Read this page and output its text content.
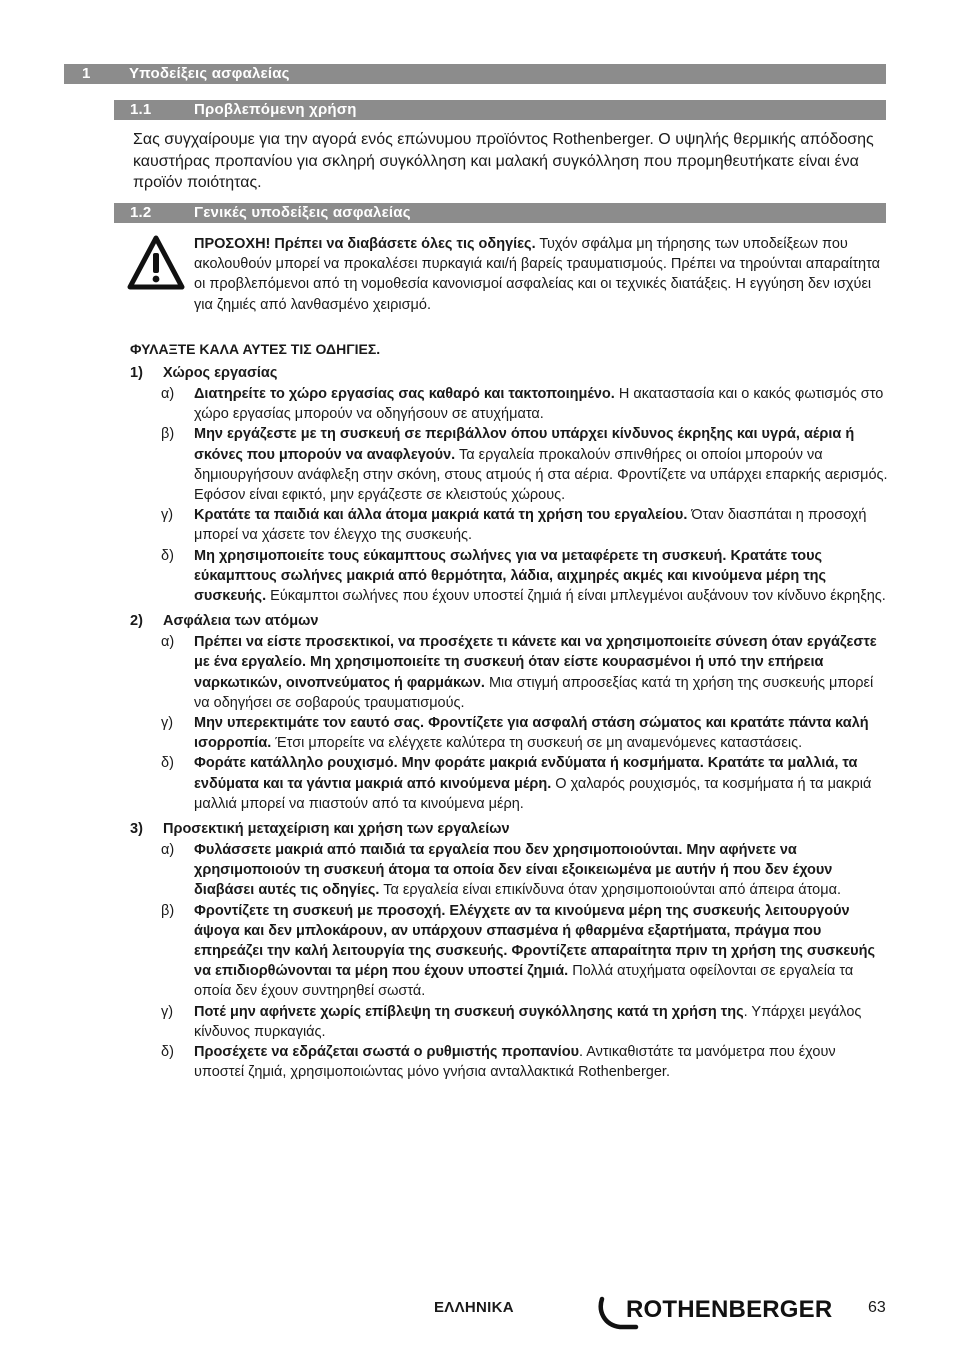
1	Υποδείξεις ασφαλείας
1.1	Προβλεπόμενη χρήση

Σας συγχαίρουμε για την αγορά ενός επώνυμου προϊόντος Rothenberger. Ο υψηλής θερμικής απόδοσης καυστήρας προπανίου για σκληρή συγκόλληση και μαλακή συγκόλληση που προμηθευτήκατε είναι ένα προϊόν ποιότητας.

1.2	Γενικές υποδείξεις ασφαλείας

ΠΡΟΣΟΧΗ! Πρέπει να διαβάσετε όλες τις οδηγίες. Τυχόν σφάλμα μη τήρησης των υποδείξεων που ακολουθούν μπορεί να προκαλέσει πυρκαγιά και/ή βαρείς τραυματισμούς. Πρέπει να τηρούνται απαραίτητα οι προβλεπόμενοι από τη νομοθεσία κανονισμοί ασφαλείας και οι τεχνικές διατάξεις. Η εγγύηση δεν ισχύει για ζημιές από λανθασμένο χειρισμό.

ΦΥΛΑΞΤΕ ΚΑΛΑ ΑΥΤΕΣ ΤΙΣ ΟΔΗΓΙΕΣ.

1)	Χώρος εργασίας
α)	Διατηρείτε το χώρο εργασίας σας καθαρό και τακτοποιημένο. Η ακαταστασία και ο κακός φωτισμός στο χώρο εργασίας μπορούν να οδηγήσουν σε ατυχήματα.
β)	Μην εργάζεστε με τη συσκευή σε περιβάλλον όπου υπάρχει κίνδυνος έκρηξης και υγρά, αέρια ή σκόνες που μπορούν να αναφλεγούν. Τα εργαλεία προκαλούν σπινθήρες οι οποίοι μπορούν να δημιουργήσουν ανάφλεξη στην σκόνη, στους ατμούς ή στα αέρια. Φροντίζετε να υπάρχει επαρκής αερισμός. Εφόσον είναι εφικτό, μην εργάζεστε σε κλειστούς χώρους.
γ)	Κρατάτε τα παιδιά και άλλα άτομα μακριά κατά τη χρήση του εργαλείου. Όταν διασπάται η προσοχή μπορεί να χάσετε τον έλεγχο της συσκευής.
δ)	Μη χρησιμοποιείτε τους εύκαμπτους σωλήνες για να μεταφέρετε τη συσκευή. Κρατάτε τους εύκαμπτους σωλήνες μακριά από θερμότητα, λάδια, αιχμηρές ακμές και κινούμενα μέρη της συσκευής. Εύκαμπτοι σωλήνες που έχουν υποστεί ζημιά ή είναι μπλεγμένοι αυξάνουν τον κίνδυνο έκρηξης.
2)	Ασφάλεια των ατόμων
α)	Πρέπει να είστε προσεκτικοί, να προσέχετε τι κάνετε και να χρησιμοποιείτε σύνεση όταν εργάζεστε με ένα εργαλείο. Μη χρησιμοποιείτε τη συσκευή όταν είστε κουρασμένοι ή υπό την επήρεια ναρκωτικών, οινοπνεύματος ή φαρμάκων. Μια στιγμή απροσεξίας κατά τη χρήση της συσκευής μπορεί να οδηγήσει σε σοβαρούς τραυματισμούς.
γ)	Μην υπερεκτιμάτε τον εαυτό σας. Φροντίζετε για ασφαλή στάση σώματος και κρατάτε πάντα καλή ισορροπία. Έτσι μπορείτε να ελέγχετε καλύτερα τη συσκευή σε μη αναμενόμενες καταστάσεις.
δ)	Φοράτε κατάλληλο ρουχισμό. Μην φοράτε μακριά ενδύματα ή κοσμήματα. Κρατάτε τα μαλλιά, τα ενδύματα και τα γάντια μακριά από κινούμενα μέρη. Ο χαλαρός ρουχισμός, τα κοσμήματα ή τα μακριά μαλλιά μπορεί να πιαστούν από τα κινούμενα μέρη.
3)	Προσεκτική μεταχείριση και χρήση των εργαλείων
α)	Φυλάσσετε μακριά από παιδιά τα εργαλεία που δεν χρησιμοποιούνται. Μην αφήνετε να χρησιμοποιούν τη συσκευή άτομα τα οποία δεν είναι εξοικειωμένα με αυτήν ή που δεν έχουν διαβάσει αυτές τις οδηγίες. Τα εργαλεία είναι επικίνδυνα όταν χρησιμοποιούνται από άπειρα άτομα.
β)	Φροντίζετε τη συσκευή με προσοχή. Ελέγχετε αν τα κινούμενα μέρη της συσκευής λειτουργούν άψογα και δεν μπλοκάρουν, αν υπάρχουν σπασμένα ή φθαρμένα εξαρτήματα, πράγμα που επηρεάζει την καλή λειτουργία της συσκευής. Φροντίζετε απαραίτητα πριν τη χρήση της συσκευής να επιδιορθώνονται τα μέρη που έχουν υποστεί ζημιά. Πολλά ατυχήματα οφείλονται σε εργαλεία τα οποία δεν έχουν συντηρηθεί σωστά.
γ)	Ποτέ μην αφήνετε χωρίς επίβλεψη τη συσκευή συγκόλλησης κατά τη χρήση της. Υπάρχει μεγάλος κίνδυνος πυρκαγιάς.
δ)	Προσέχετε να εδράζεται σωστά ο ρυθμιστής προπανίου. Αντικαθιστάτε τα μανόμετρα που έχουν υποστεί ζημιά, χρησιμοποιώντας μόνο γνήσια ανταλλακτικά Rothenberger.
ΕΛΛΗΝΙΚΑ	ROTHENBERGER 63
